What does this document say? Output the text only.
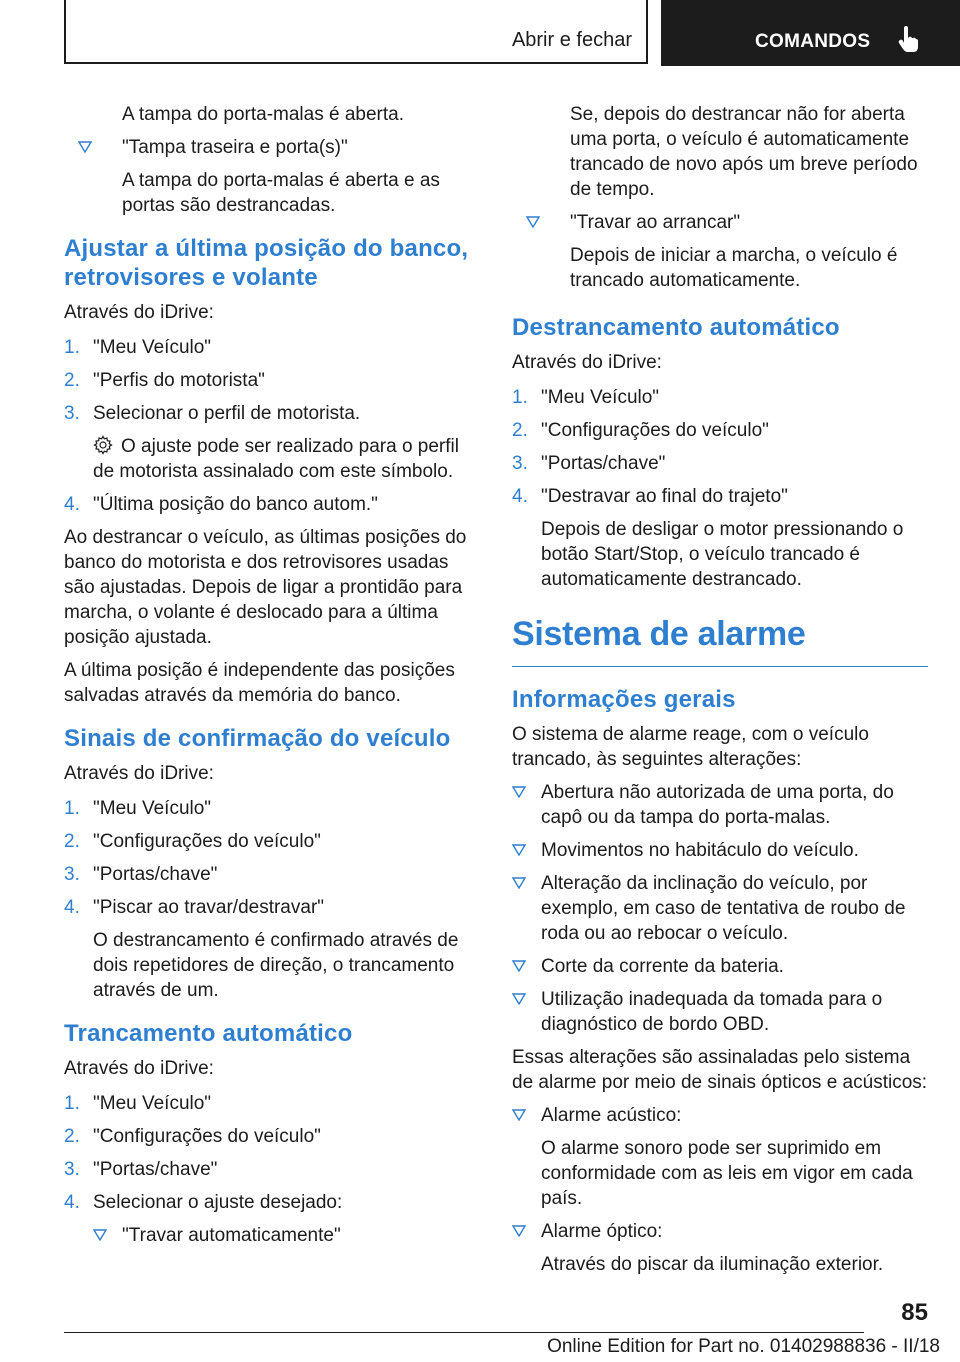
Abrir e fechar	COMANDOS

A tampa do porta-malas é aberta.

"Tampa traseira e porta(s)"

A tampa do porta-malas é aberta e as portas são destrancadas.

Ajustar a última posição do banco, retrovisores e volante

Através do iDrive:

1. "Meu Veículo"
2. "Perfis do motorista"
3. Selecionar o perfil de motorista.

O ajuste pode ser realizado para o perfil de motorista assinalado com este símbolo.

4. "Última posição do banco autom."

Ao destrancar o veículo, as últimas posições do banco do motorista e dos retrovisores usadas são ajustadas. Depois de ligar a prontidão para marcha, o volante é deslocado para a última posição ajustada.

A última posição é independente das posições salvadas através da memória do banco.

Sinais de confirmação do veículo

Através do iDrive:

1. "Meu Veículo"
2. "Configurações do veículo"
3. "Portas/chave"
4. "Piscar ao travar/destravar"

O destrancamento é confirmado através de dois repetidores de direção, o trancamento através de um.

Trancamento automático

Através do iDrive:

1. "Meu Veículo"
2. "Configurações do veículo"
3. "Portas/chave"
4. Selecionar o ajuste desejado:
"Travar automaticamente"

Se, depois do destrancar não for aberta uma porta, o veículo é automaticamente trancado de novo após um breve período de tempo.

"Travar ao arrancar"

Depois de iniciar a marcha, o veículo é trancado automaticamente.

Destrancamento automático

Através do iDrive:

1. "Meu Veículo"
2. "Configurações do veículo"
3. "Portas/chave"
4. "Destravar ao final do trajeto"

Depois de desligar o motor pressionando o botão Start/Stop, o veículo trancado é automaticamente destrancado.

Sistema de alarme
Informações gerais

O sistema de alarme reage, com o veículo trancado, às seguintes alterações:

Abertura não autorizada de uma porta, do capô ou da tampa do porta-malas.
Movimentos no habitáculo do veículo.
Alteração da inclinação do veículo, por exemplo, em caso de tentativa de roubo de roda ou ao rebocar o veículo.
Corte da corrente da bateria.
Utilização inadequada da tomada para o diagnóstico de bordo OBD.

Essas alterações são assinaladas pelo sistema de alarme por meio de sinais ópticos e acústicos:

Alarme acústico:

O alarme sonoro pode ser suprimido em conformidade com as leis em vigor em cada país.

Alarme óptico:

Através do piscar da iluminação exterior.

85
Online Edition for Part no. 01402988836 - II/18
